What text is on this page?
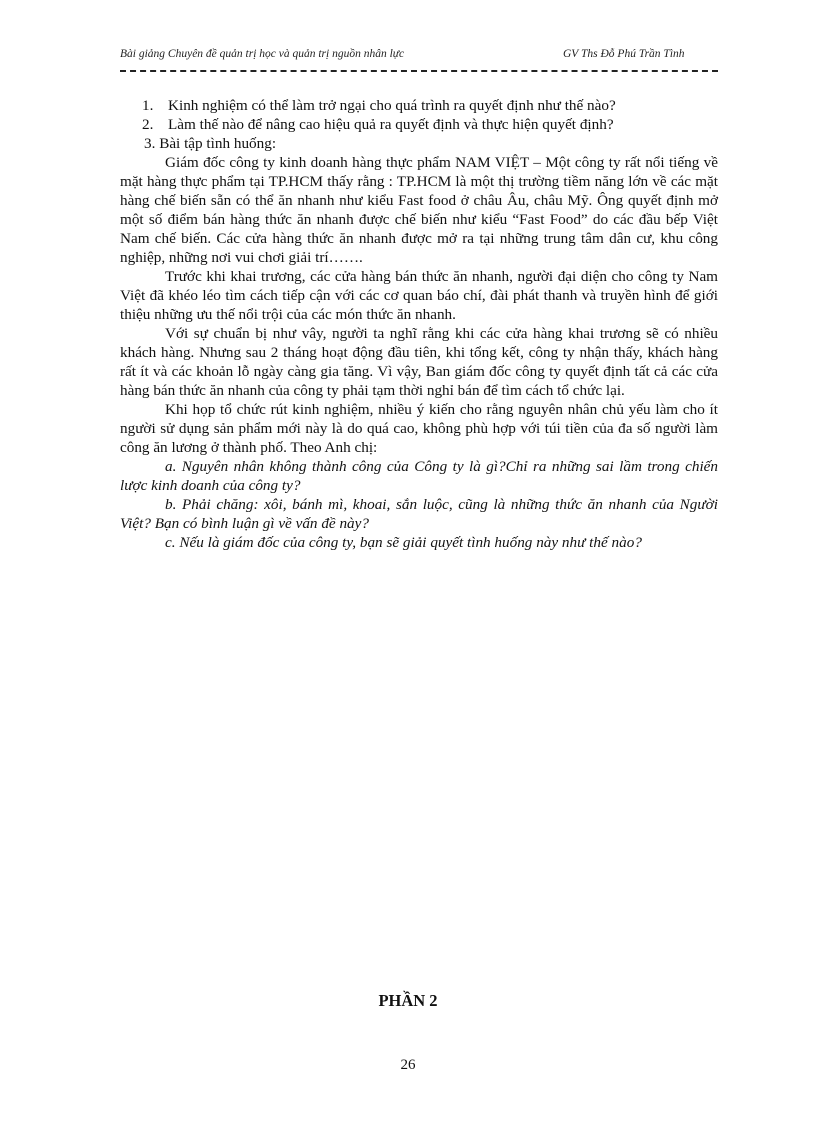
Bài giảng Chuyên đề quản trị học và quản trị nguồn nhân lực	GV Ths Đỗ Phú Trần Tình
1. Kinh nghiệm có thể làm trở ngại cho quá trình ra quyết định như thế nào?
2. Làm thế nào để nâng cao hiệu quả ra quyết định và thực hiện quyết định?

3. Bài tập tình huống:

Giám đốc công ty kinh doanh hàng thực phẩm NAM VIỆT – Một công ty rất nổi tiếng về mặt hàng thực phẩm tại TP.HCM thấy rằng : TP.HCM là một thị trường tiềm năng lớn về các mặt hàng chế biến sẵn có thể ăn nhanh như kiểu Fast food ở châu Âu, châu Mỹ. Ông quyết định mở một số điểm bán hàng thức ăn nhanh được chế biến như kiểu “Fast Food” do các đầu bếp Việt Nam chế biến. Các cửa hàng thức ăn nhanh được mở ra tại những trung tâm dân cư, khu công nghiệp, những nơi vui chơi giải trí…….

Trước khi khai trương, các cửa hàng bán thức ăn nhanh, người đại diện cho công ty Nam Việt đã khéo léo tìm cách tiếp cận với các cơ quan báo chí, đài phát thanh và truyền hình để giới thiệu những ưu thế nổi trội của các món thức ăn nhanh.

Với sự chuẩn bị như vây, người ta nghĩ rằng khi các cửa hàng khai trương sẽ có nhiều khách hàng. Nhưng sau 2 tháng hoạt động đầu tiên, khi tổng kết, công ty nhận thấy, khách hàng rất ít và các khoản lỗ ngày càng gia tăng. Vì vậy, Ban giám đốc công ty quyết định tất cả các cửa hàng bán thức ăn nhanh của công ty phải tạm thời nghỉ bán để tìm cách tổ chức lại.

Khi họp tổ chức rút kinh nghiệm, nhiều ý kiến cho rằng nguyên nhân chủ yếu làm cho ít người sử dụng sản phẩm mới này là do quá cao, không phù hợp với túi tiền của đa số người làm công ăn lương ở thành phố. Theo Anh chị:

a. Nguyên nhân không thành công của Công ty là gì?Chỉ ra những sai lầm trong chiến lược kinh doanh của công ty?

b. Phải chăng: xôi, bánh mì, khoai, sắn luộc, cũng là những thức ăn nhanh của Người Việt? Bạn có bình luận gì về vấn đề này?

c. Nếu là giám đốc của công ty, bạn sẽ giải quyết tình huống này như thế nào?

PHẦN 2
26
